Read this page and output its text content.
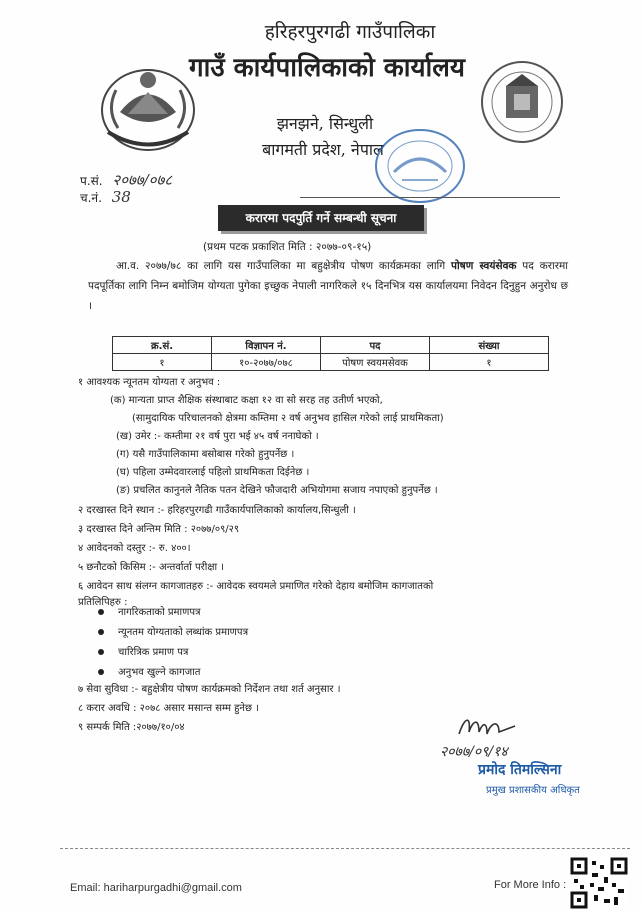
हरिहरपुरगढी गाउँपालिका
गाउँ कार्यपालिकाको कार्यालय
झनझने, सिन्धुली
बागमती प्रदेश, नेपाल
प.सं. २०७७/०७८
च.नं. 38
करारमा पदपुर्ति गर्ने सम्बन्धी सूचना
(प्रथम पटक प्रकाशित मिति : २०७७-०९-१५)
आ.व. २०७७/७८ का लागि यस गाउँपालिका मा बहुक्षेत्रीय पोषण कार्यक्रमका लागि पोषण स्वयंसेवक पद करारमा पदपूर्तिका लागि निम्न बमोजिम योग्यता पुगेका इच्छुक नेपाली नागरिकले १५ दिनभित्र यस कार्यालयमा निवेदन दिनुहुन अनुरोध छ ।
क्र.सं.	विज्ञापन नं.	पद	संख्या
१	१०-२०७७/०७८	पोषण स्वयमसेवक	१
१ आवश्यक न्यूनतम योग्यता र अनुभव :
(क) मान्यता प्राप्त शैक्षिक संस्थाबाट कक्षा १२ वा सो सरह तह उतीर्ण भएको,
(सामुदायिक परिचालनको क्षेत्रमा कम्तिमा २ वर्ष अनुभव हासिल गरेको लाई प्राथमिकता)
(ख) उमेर :- कम्तीमा २१ वर्ष पुरा भई ४५ वर्ष ननाघेको ।
(ग) यसै गाउँपालिकामा बसोबास गरेको हुनुपर्नेछ ।
(घ) पहिला उम्मेदवारलाई पहिलो प्राथमिकता दिईनेछ ।
(ङ) प्रचलित कानुनले नैतिक पतन देखिने फौजदारी अभियोगमा सजाय नपाएको हुनुपर्नेछ ।
२ दरखास्त दिने स्थान :- हरिहरपुरगढी गाउँकार्यपालिकाको कार्यालय,सिन्धुली ।
३ दरखास्त दिने अन्तिम मिति : २०७७/०९/२९
४ आवेदनको दस्तुर :- रु. ४००।
५ छनौटको किसिम :- अन्तर्वार्ता परीक्षा ।
६ आवेदन साथ संलग्न कागजातहरु :- आवेदक स्वयमले प्रमाणित गरेको देहाय बमोजिम कागजातको
प्रतिलिपिहरु :
नागरिकताको प्रमाणपत्र
न्यूनतम योग्यताको लब्धांक प्रमाणपत्र
चारित्रिक प्रमाण पत्र
अनुभव खुल्ने कागजात
७ सेवा सुविधा :- बहुक्षेत्रीय पोषण कार्यक्रमको निर्देशन तथा शर्त अनुसार ।
८ करार अवधि : २०७८ असार मसान्त सम्म हुनेछ ।
९ सम्पर्क मिति :२०७७/१०/०४
२०७७/०९/१४
प्रमोद तिमल्सिना
प्रमुख प्रशासकीय अधिकृत
Email: hariharpurgadhi@gmail.com	For More Info :
